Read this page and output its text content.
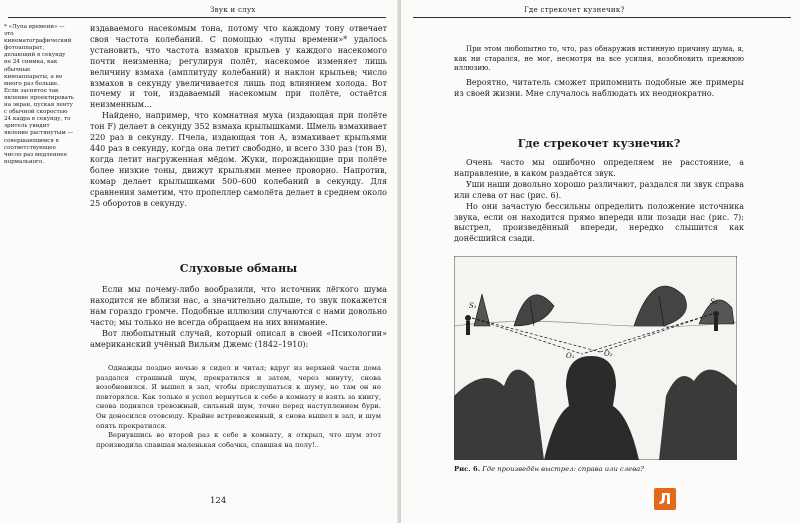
Звук и слух
* «Лупа времени» — это кинематографический фотоаппарат, делающий в секунду не 24 снимка, как обычные киноаппараты, а во много раз больше. Если заснятое так явление проектировать на экран, пуская ленту с обычной скоростью 24 кадра в секунду, то зритель увидит явление растянутым — совершающимся в соответствующее число раз медленнее нормального.

издаваемого насекомым тона, потому что каждому тону отвечает своя частота колебаний. С помощью «лупы времени»* удалось установить, что частота взмахов крыльев у каждого насекомого почти неизменна; регулируя полёт, насекомое изменяет лишь величину взмаха (амплитуду колебаний) и наклон крыльев; число взмахов в секунду увеличивается лишь под влиянием холода. Вот почему и тон, издаваемый насекомым при полёте, остаётся неизменным…

Найдено, например, что комнатная муха (издающая при полёте тон F) делает в секунду 352 взмаха крылышками. Шмель взмахивает 220 раз в секунду. Пчела, издающая тон A, взмахивает крыльями 440 раз в секунду, когда она летит свободно, и всего 330 раз (тон B), когда летит нагруженная мёдом. Жуки, порождающие при полёте более низкие тоны, движут крыльями менее проворно. Напротив, комар делает крылышками 500–600 колебаний в секунду. Для сравнения заметим, что пропеллер самолёта делает в среднем около 25 оборотов в секунду.

Слуховые обманы

Если мы почему-либо вообразили, что источник лёгкого шума находится не вблизи нас, а значительно дальше, то звук покажется нам гораздо громче. Подобные иллюзии случаются с нами довольно часто; мы только не всегда обращаем на них внимание.

Вот любопытный случай, который описал в своей «Психологии» американский учёный Вильям Джемс (1842–1910):

Однажды поздно ночью я сидел и читал; вдруг из верхней части дома раздался страшный шум, прекратился и затем, через минуту, снова возобновился. Я вышел в зал, чтобы прислушаться к шуму, но там он не повторялся. Как только я успел вернуться к себе в комнату и взять за книгу, снова поднялся тревожный, сильный шум, точно перед наступлением бури. Он доносился отовсюду. Крайне встревоженный, я снова вышел в зал, и шум опять прекратился.

Вернувшись во второй раз к себе в комнату, я открыл, что шум этот производила спавшая маленькая собачка, спавшая на полу!..

124
Где стрекочет кузнечик?

При этом любопытно то, что, раз обнаружив истинную причину шума, я, как ни старался, не мог, несмотря на все усилия, возобновить прежнюю иллюзию.

Вероятно, читатель сможет припомнить подобные же примеры из своей жизни. Мне случалось наблюдать их неоднократно.

Где стрекочет кузнечик?

Очень часто мы ошибочно определяем не расстояние, а направление, в каком раздаётся звук.

Уши наши довольно хорошо различают, раздался ли звук справа или слева от нас (рис. 6).

Но они зачастую бессильны определить положение источника звука, если он находится прямо впереди или позади нас (рис. 7): выстрел, произведённый впереди, нередко слышится как донёсшийся сзади.

S₁	S₂
O₁	O₂
Рис. 6. Где произведён выстрел: справа или слева?
Л
